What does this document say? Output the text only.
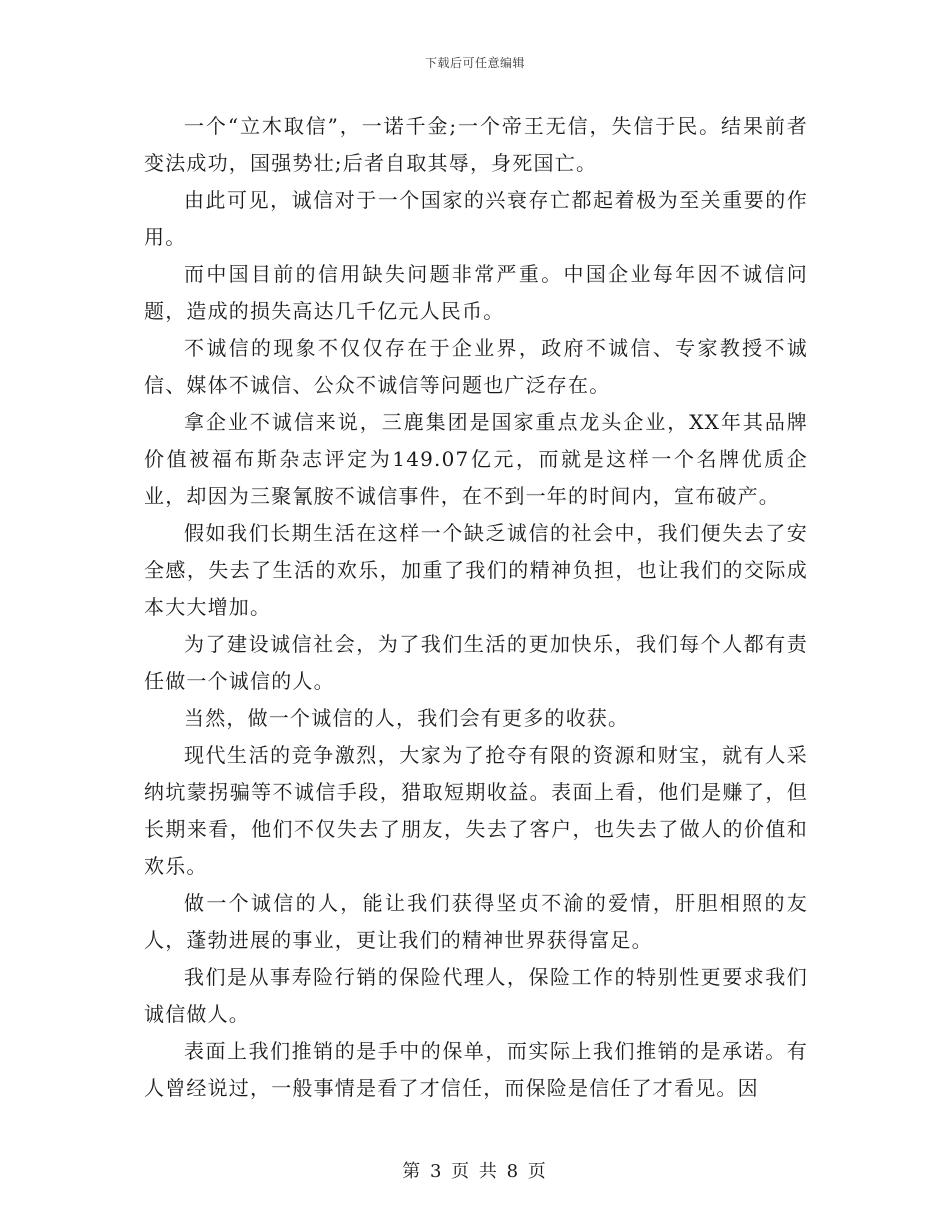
下载后可任意编辑

一个“立木取信”，一诺千金;一个帝王无信，失信于民。结果前者变法成功，国强势壮;后者自取其辱，身死国亡。

由此可见，诚信对于一个国家的兴衰存亡都起着极为至关重要的作用。

而中国目前的信用缺失问题非常严重。中国企业每年因不诚信问题，造成的损失高达几千亿元人民币。

不诚信的现象不仅仅存在于企业界，政府不诚信、专家教授不诚信、媒体不诚信、公众不诚信等问题也广泛存在。

拿企业不诚信来说，三鹿集团是国家重点龙头企业，XX年其品牌价值被福布斯杂志评定为149.07亿元，而就是这样一个名牌优质企业，却因为三聚氰胺不诚信事件，在不到一年的时间内，宣布破产。

假如我们长期生活在这样一个缺乏诚信的社会中，我们便失去了安全感，失去了生活的欢乐，加重了我们的精神负担，也让我们的交际成本大大增加。

为了建设诚信社会，为了我们生活的更加快乐，我们每个人都有责任做一个诚信的人。

当然，做一个诚信的人，我们会有更多的收获。

现代生活的竞争激烈，大家为了抢夺有限的资源和财宝，就有人采纳坑蒙拐骗等不诚信手段，猎取短期收益。表面上看，他们是赚了，但长期来看，他们不仅失去了朋友，失去了客户，也失去了做人的价值和欢乐。

做一个诚信的人，能让我们获得坚贞不渝的爱情，肝胆相照的友人，蓬勃进展的事业，更让我们的精神世界获得富足。

我们是从事寿险行销的保险代理人，保险工作的特别性更要求我们诚信做人。

表面上我们推销的是手中的保单，而实际上我们推销的是承诺。有人曾经说过，一般事情是看了才信任，而保险是信任了才看见。因

第 3 页 共 8 页
